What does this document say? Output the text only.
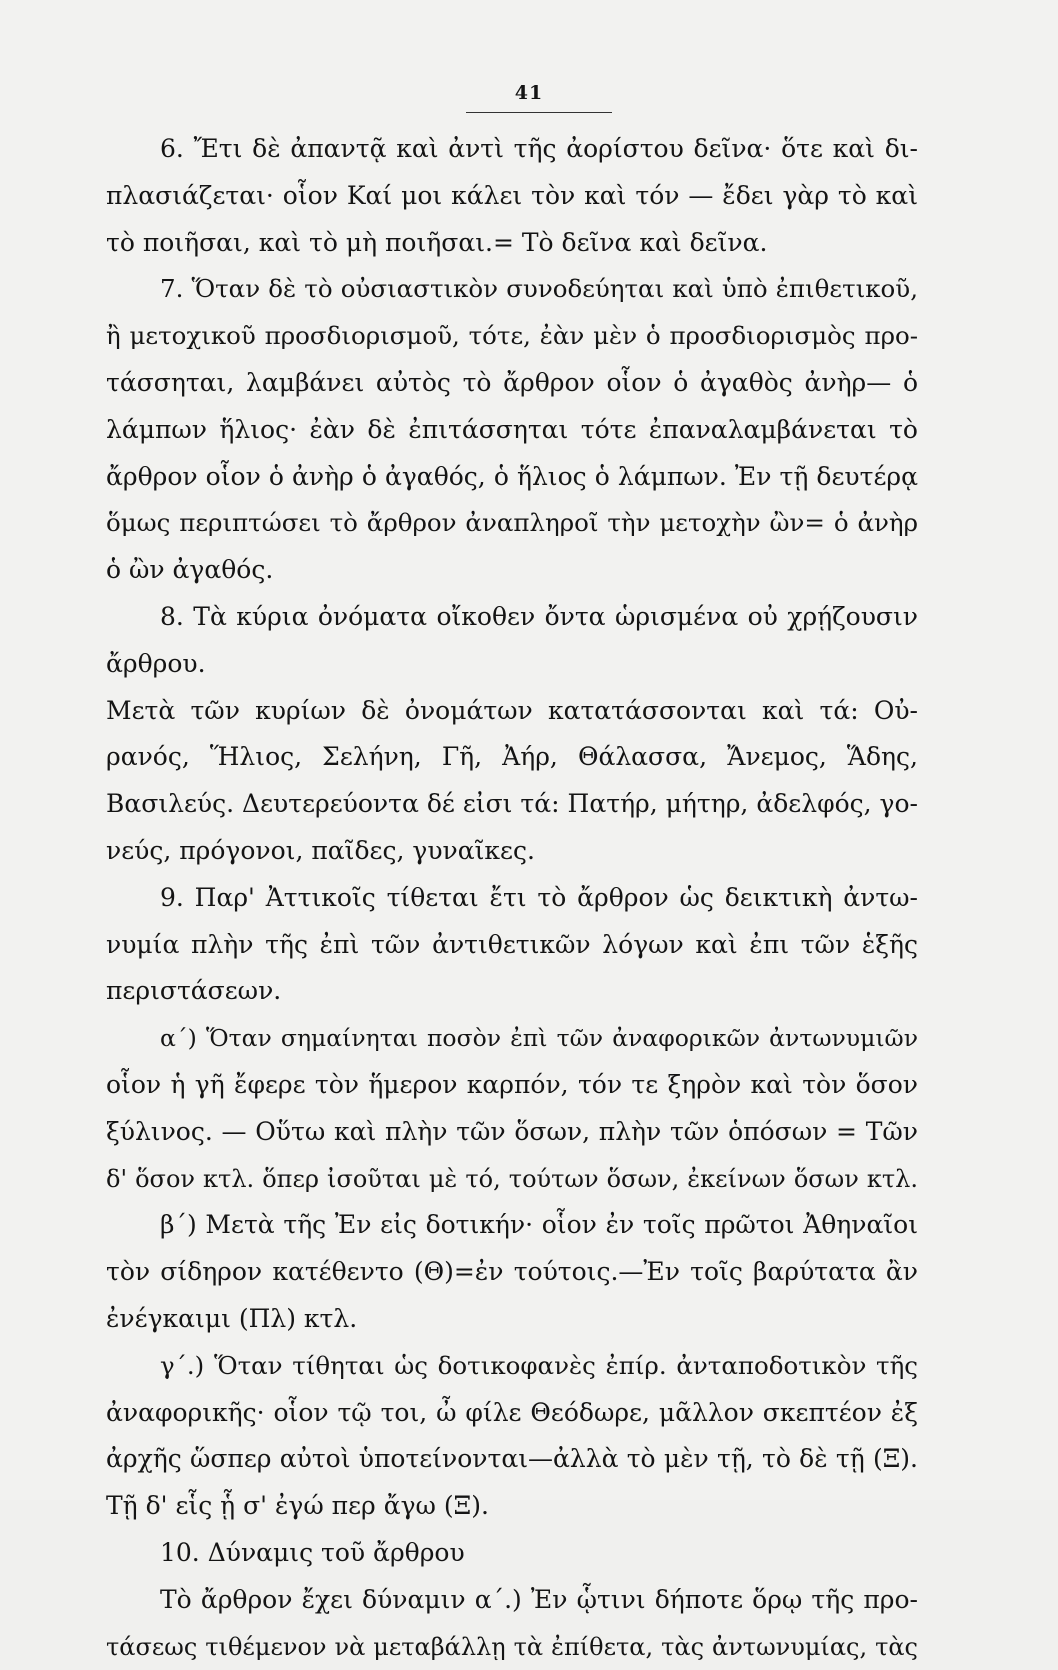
41
6. Ἔτι δὲ ἀπαντᾷ καὶ ἀντὶ τῆς ἀορίστου δεῖνα· ὅτε καὶ δι-
πλασιάζεται· οἷον Καί μοι κάλει τὸν καὶ τόν — ἔδει γὰρ τὸ καὶ
τὸ ποιῆσαι, καὶ τὸ μὴ ποιῆσαι.= Τὸ δεῖνα καὶ δεῖνα.
7. Ὅταν δὲ τὸ οὐσιαστικὸν συνοδεύηται καὶ ὑπὸ ἐπιθετικοῦ,
ἢ μετοχικοῦ προσδιορισμοῦ, τότε, ἐὰν μὲν ὁ προσδιορισμὸς προ-
τάσσηται, λαμβάνει αὐτὸς τὸ ἄρθρον οἷον ὁ ἀγαθὸς ἀνὴρ— ὁ
λάμπων ἥλιος· ἐὰν δὲ ἐπιτάσσηται τότε ἐπαναλαμβάνεται τὸ
ἄρθρον οἷον ὁ ἀνὴρ ὁ ἀγαθός, ὁ ἥλιος ὁ λάμπων. Ἐν τῇ δευτέρᾳ
ὅμως περιπτώσει τὸ ἄρθρον ἀναπληροῖ τὴν μετοχὴν ὢν= ὁ ἀνὴρ
ὁ ὢν ἀγαθός.
8. Τὰ κύρια ὀνόματα οἴκοθεν ὄντα ὡρισμένα οὐ χρῄζουσιν
ἄρθρου.
Μετὰ τῶν κυρίων δὲ ὀνομάτων κατατάσσονται καὶ τά: Οὐ-
ρανός, Ἥλιος, Σελήνη, Γῆ, Ἀήρ, Θάλασσα, Ἄνεμος, Ἅδης,
Βασιλεύς. Δευτερεύοντα δέ εἰσι τά: Πατήρ, μήτηρ, ἀδελφός, γο-
νεύς, πρόγονοι, παῖδες, γυναῖκες.
9. Παρ' Ἀττικοῖς τίθεται ἔτι τὸ ἄρθρον ὡς δεικτικὴ ἀντω-
νυμία πλὴν τῆς ἐπὶ τῶν ἀντιθετικῶν λόγων καὶ ἐπι τῶν ἑξῆς
περιστάσεων.
α΄) Ὅταν σημαίνηται ποσὸν ἐπὶ τῶν ἀναφορικῶν ἀντωνυμιῶν
οἷον ἡ γῆ ἔφερε τὸν ἥμερον καρπόν, τόν τε ξηρὸν καὶ τὸν ὅσον
ξύλινος. — Οὕτω καὶ πλὴν τῶν ὅσων, πλὴν τῶν ὁπόσων = Τῶν
δ' ὅσον κτλ. ὅπερ ἰσοῦται μὲ τό, τούτων ὅσων, ἐκείνων ὅσων κτλ.
β΄) Μετὰ τῆς Ἐν εἰς δοτικήν· οἷον ἐν τοῖς πρῶτοι Ἀθηναῖοι
τὸν σίδηρον κατέθεντο (Θ)=ἐν τούτοις.—Ἐν τοῖς βαρύτατα ἂν
ἐνέγκαιμι (Πλ) κτλ.
γ΄.) Ὅταν τίθηται ὡς δοτικοφανὲς ἐπίρ. ἀνταποδοτικὸν τῆς
ἀναφορικῆς· οἷον τῷ τοι, ὦ φίλε Θεόδωρε, μᾶλλον σκεπτέον ἐξ
ἀρχῆς ὥσπερ αὐτοὶ ὑποτείνονται—ἀλλὰ τὸ μὲν τῇ, τὸ δὲ τῇ (Ξ).
Τῇ δ' εἷς ᾗ σ' ἐγώ περ ἄγω (Ξ).
10. Δύναμις τοῦ ἄρθρου
Τὸ ἄρθρον ἔχει δύναμιν α΄.) Ἐν ᾧτινι δήποτε ὅρῳ τῆς προ-
τάσεως τιθέμενον νὰ μεταβάλλῃ τὰ ἐπίθετα, τὰς ἀντωνυμίας, τὰς
